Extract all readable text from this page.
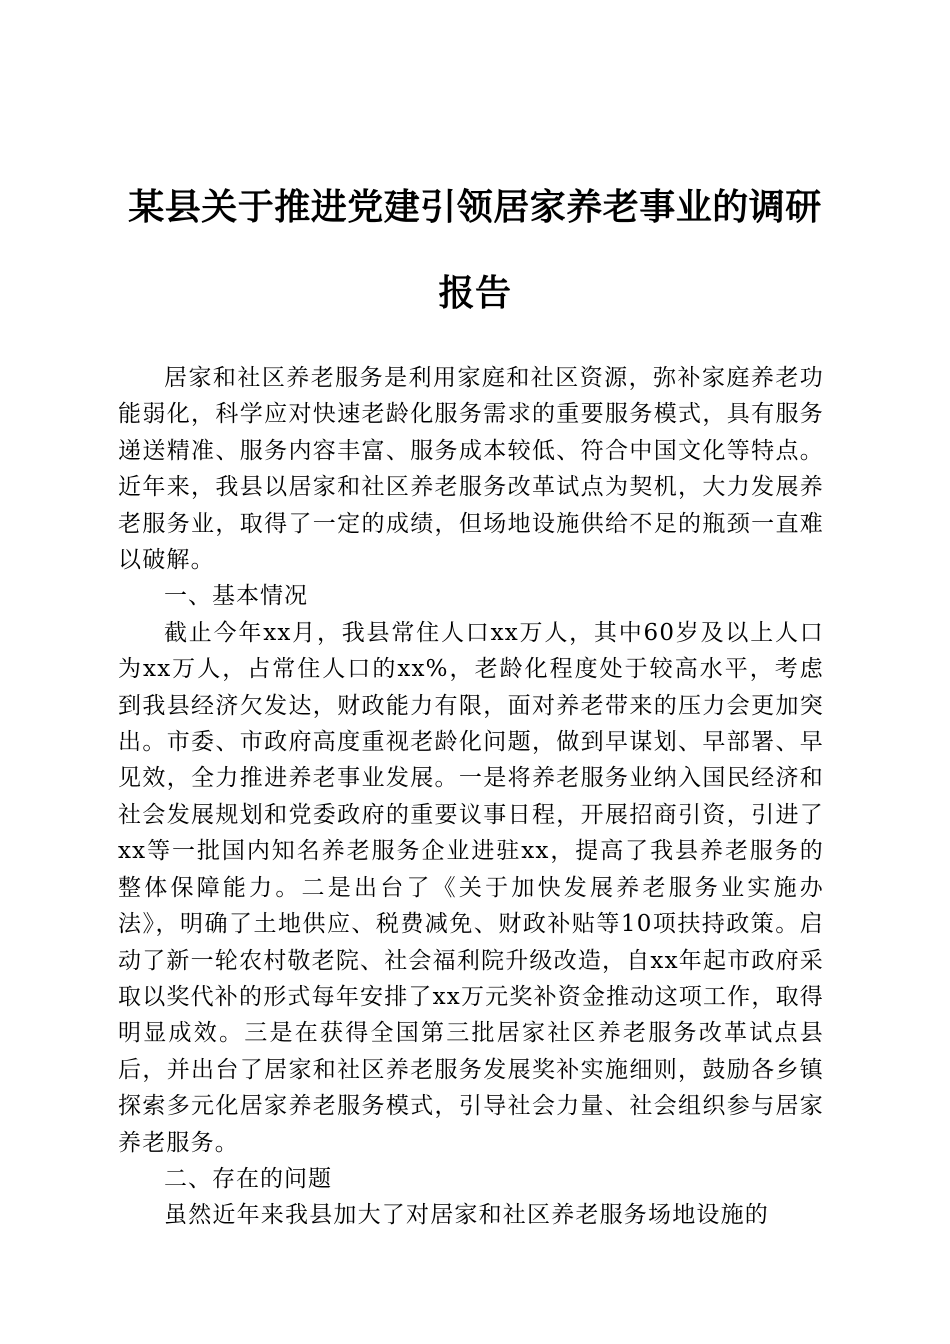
某县关于推进党建引领居家养老事业的调研报告

居家和社区养老服务是利用家庭和社区资源，弥补家庭养老功能弱化，科学应对快速老龄化服务需求的重要服务模式，具有服务递送精准、服务内容丰富、服务成本较低、符合中国文化等特点。近年来，我县以居家和社区养老服务改革试点为契机，大力发展养老服务业，取得了一定的成绩，但场地设施供给不足的瓶颈一直难以破解。

一、基本情况

截止今年xx月，我县常住人口xx万人，其中60岁及以上人口为xx万人，占常住人口的xx%，老龄化程度处于较高水平，考虑到我县经济欠发达，财政能力有限，面对养老带来的压力会更加突出。市委、市政府高度重视老龄化问题，做到早谋划、早部署、早见效，全力推进养老事业发展。一是将养老服务业纳入国民经济和社会发展规划和党委政府的重要议事日程，开展招商引资，引进了xx等一批国内知名养老服务企业进驻xx，提高了我县养老服务的整体保障能力。二是出台了《关于加快发展养老服务业实施办法》，明确了土地供应、税费减免、财政补贴等10项扶持政策。启动了新一轮农村敬老院、社会福利院升级改造，自xx年起市政府采取以奖代补的形式每年安排了xx万元奖补资金推动这项工作，取得明显成效。三是在获得全国第三批居家社区养老服务改革试点县后，并出台了居家和社区养老服务发展奖补实施细则，鼓励各乡镇探索多元化居家养老服务模式，引导社会力量、社会组织参与居家养老服务。

二、存在的问题

虽然近年来我县加大了对居家和社区养老服务场地设施的
